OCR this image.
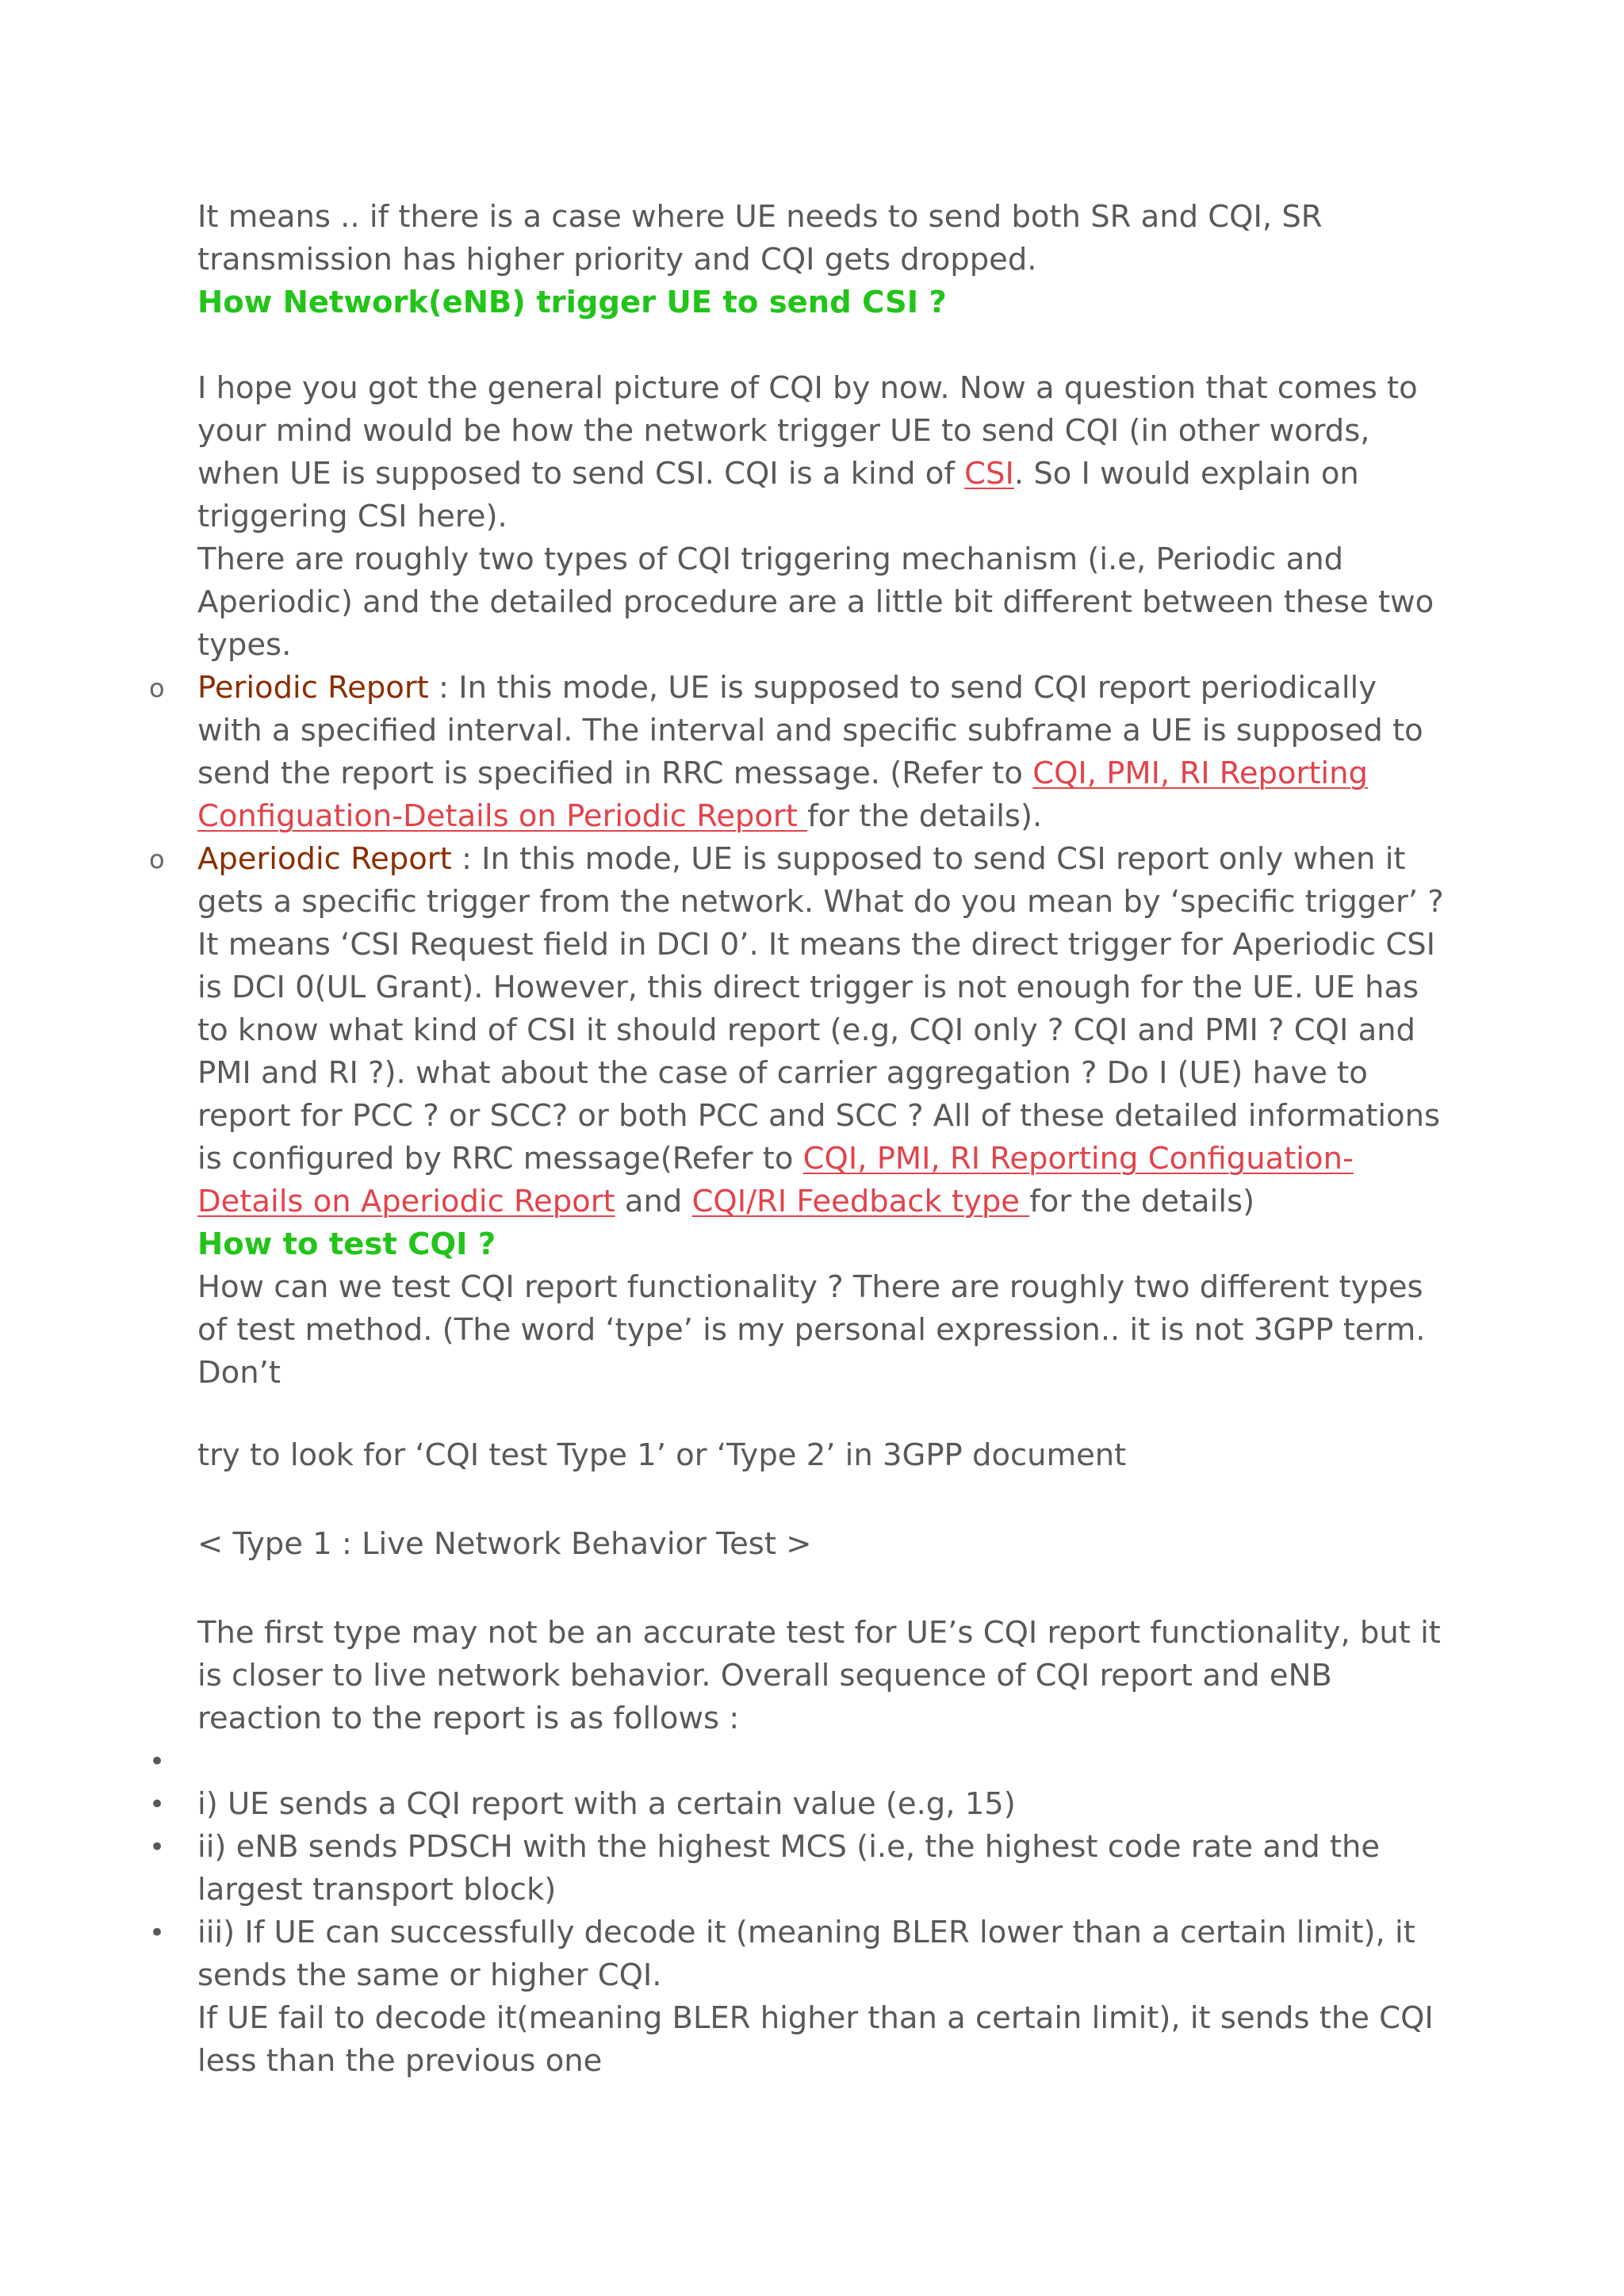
It means .. if there is a case where UE needs to send both SR and CQI, SR transmission has higher priority and CQI gets dropped.

How Network(eNB) trigger UE to send CSI ?

I hope you got the general picture of CQI by now. Now a question that comes to your mind would be how the network trigger UE to send CQI (in other words, when UE is supposed to send CSI. CQI is a kind of CSI. So I would explain on triggering CSI here).

There are roughly two types of CQI triggering mechanism (i.e, Periodic and Aperiodic) and the detailed procedure are a little bit different between these two types.

o Periodic Report : In this mode, UE is supposed to send CQI report periodically with a specified interval. The interval and specific subframe a UE is supposed to send the report is specified in RRC message. (Refer to CQI, PMI, RI Reporting Configuation-Details on Periodic Report for the details).

o Aperiodic Report : In this mode, UE is supposed to send CSI report only when it gets a specific trigger from the network. What do you mean by ‘specific trigger’ ? It means ‘CSI Request field in DCI 0’. It means the direct trigger for Aperiodic CSI is DCI 0(UL Grant). However, this direct trigger is not enough for the UE. UE has to know what kind of CSI it should report (e.g, CQI only ? CQI and PMI ? CQI and PMI and RI ?). what about the case of carrier aggregation ? Do I (UE) have to report for PCC ? or SCC? or both PCC and SCC ? All of these detailed informations is configured by RRC message(Refer to CQI, PMI, RI Reporting Configuation-Details on Aperiodic Report and CQI/RI Feedback type for the details)

How to test CQI ?

How can we test CQI report functionality ? There are roughly two different types of test method. (The word ‘type’ is my personal expression.. it is not 3GPP term. Don’t

try to look for ‘CQI test Type 1’ or ‘Type 2’ in 3GPP document

< Type 1 : Live Network Behavior Test >

The first type may not be an accurate test for UE’s CQI report functionality, but it is closer to live network behavior. Overall sequence of CQI report and eNB reaction to the report is as follows :

•

• i) UE sends a CQI report with a certain value (e.g, 15)

• ii) eNB sends PDSCH with the highest MCS (i.e, the highest code rate and the largest transport block)

• iii) If UE can successfully decode it (meaning BLER lower than a certain limit), it sends the same or higher CQI.

If UE fail to decode it(meaning BLER higher than a certain limit), it sends the CQI less than the previous one
